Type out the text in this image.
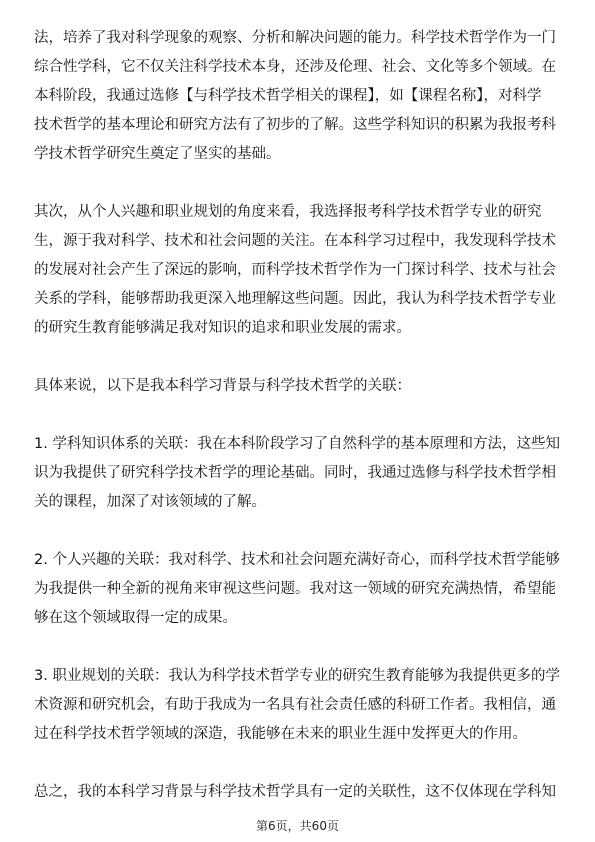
法，培养了我对科学现象的观察、分析和解决问题的能力。科学技术哲学作为一门
综合性学科，它不仅关注科学技术本身，还涉及伦理、社会、文化等多个领域。在
本科阶段，我通过选修【与科学技术哲学相关的课程】，如【课程名称】，对科学
技术哲学的基本理论和研究方法有了初步的了解。这些学科知识的积累为我报考科
学技术哲学研究生奠定了坚实的基础。

其次，从个人兴趣和职业规划的角度来看，我选择报考科学技术哲学专业的研究
生，源于我对科学、技术和社会问题的关注。在本科学习过程中，我发现科学技术
的发展对社会产生了深远的影响，而科学技术哲学作为一门探讨科学、技术与社会
关系的学科，能够帮助我更深入地理解这些问题。因此，我认为科学技术哲学专业
的研究生教育能够满足我对知识的追求和职业发展的需求。

具体来说，以下是我本科学习背景与科学技术哲学的关联：

1. 学科知识体系的关联：我在本科阶段学习了自然科学的基本原理和方法，这些知
识为我提供了研究科学技术哲学的理论基础。同时，我通过选修与科学技术哲学相
关的课程，加深了对该领域的了解。

2. 个人兴趣的关联：我对科学、技术和社会问题充满好奇心，而科学技术哲学能够
为我提供一种全新的视角来审视这些问题。我对这一领域的研究充满热情，希望能
够在这个领域取得一定的成果。

3. 职业规划的关联：我认为科学技术哲学专业的研究生教育能够为我提供更多的学
术资源和研究机会，有助于我成为一名具有社会责任感的科研工作者。我相信，通
过在科学技术哲学领域的深造，我能够在未来的职业生涯中发挥更大的作用。

总之，我的本科学习背景与科学技术哲学具有一定的关联性，这不仅体现在学科知

第6页，共60页
